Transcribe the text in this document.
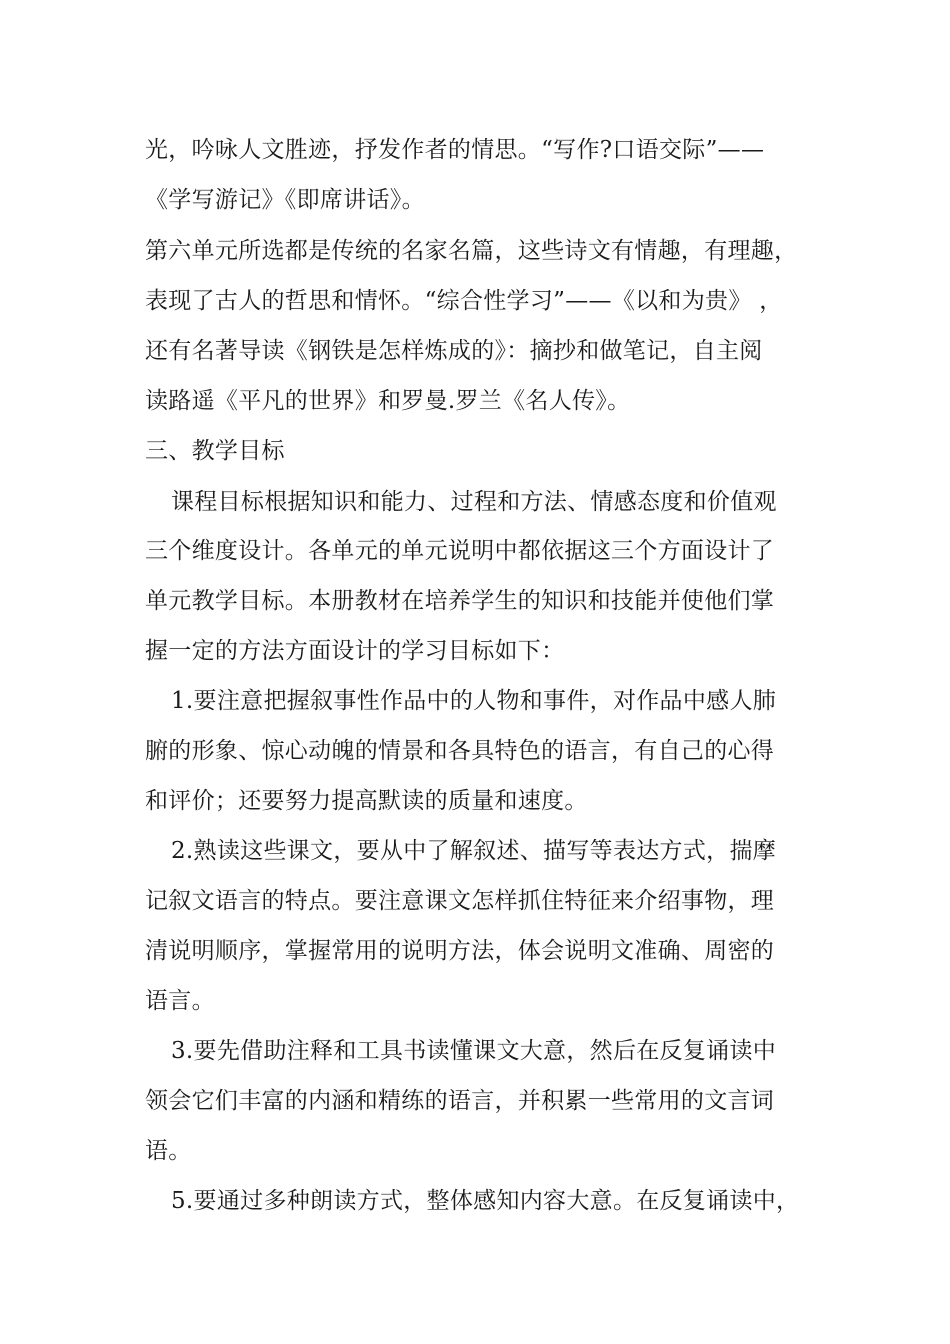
光，吟咏人文胜迹，抒发作者的情思。“写作?口语交际”——
《学写游记》《即席讲话》。
第六单元所选都是传统的名家名篇，这些诗文有情趣，有理趣，
表现了古人的哲思和情怀。“综合性学习”——《以和为贵》 ，
还有名著导读《钢铁是怎样炼成的》：摘抄和做笔记，自主阅
读路遥《平凡的世界》和罗曼.罗兰《名人传》。
三、教学目标
课程目标根据知识和能力、过程和方法、情感态度和价值观
三个维度设计。各单元的单元说明中都依据这三个方面设计了
单元教学目标。本册教材在培养学生的知识和技能并使他们掌
握一定的方法方面设计的学习目标如下：
1.要注意把握叙事性作品中的人物和事件，对作品中感人肺
腑的形象、惊心动魄的情景和各具特色的语言，有自己的心得
和评价；还要努力提高默读的质量和速度。
2.熟读这些课文，要从中了解叙述、描写等表达方式，揣摩
记叙文语言的特点。要注意课文怎样抓住特征来介绍事物，理
清说明顺序，掌握常用的说明方法，体会说明文准确、周密的
语言。
3.要先借助注释和工具书读懂课文大意，然后在反复诵读中
领会它们丰富的内涵和精练的语言，并积累一些常用的文言词
语。
5.要通过多种朗读方式，整体感知内容大意。在反复诵读中，
